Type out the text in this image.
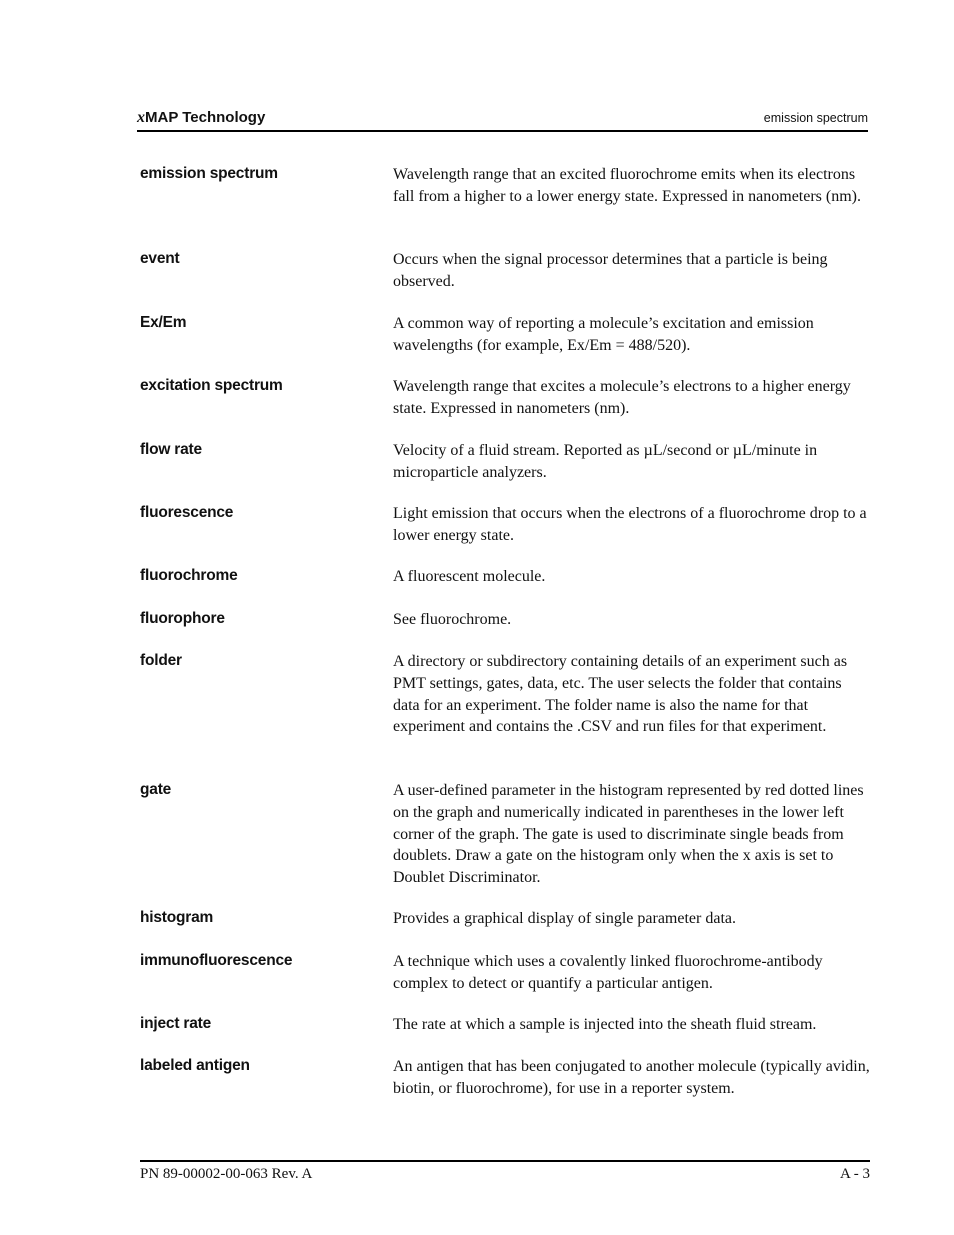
xMAP Technology	emission spectrum
emission spectrum	Wavelength range that an excited fluorochrome emits when its electrons fall from a higher to a lower energy state. Expressed in nanometers (nm).
event	Occurs when the signal processor determines that a particle is being observed.
Ex/Em	A common way of reporting a molecule’s excitation and emission wavelengths (for example, Ex/Em = 488/520).
excitation spectrum	Wavelength range that excites a molecule’s electrons to a higher energy state. Expressed in nanometers (nm).
flow rate	Velocity of a fluid stream. Reported as µL/second or µL/minute in microparticle analyzers.
fluorescence	Light emission that occurs when the electrons of a fluorochrome drop to a lower energy state.
fluorochrome	A fluorescent molecule.
fluorophore	See fluorochrome.
folder	A directory or subdirectory containing details of an experiment such as PMT settings, gates, data, etc. The user selects the folder that contains data for an experiment. The folder name is also the name for that experiment and contains the .CSV and run files for that experiment.
gate	A user-defined parameter in the histogram represented by red dotted lines on the graph and numerically indicated in parentheses in the lower left corner of the graph. The gate is used to discriminate single beads from doublets. Draw a gate on the histogram only when the x axis is set to Doublet Discriminator.
histogram	Provides a graphical display of single parameter data.
immunofluorescence	A technique which uses a covalently linked fluorochrome-antibody complex to detect or quantify a particular antigen.
inject rate	The rate at which a sample is injected into the sheath fluid stream.
labeled antigen	An antigen that has been conjugated to another molecule (typically avidin, biotin, or fluorochrome), for use in a reporter system.
PN 89-00002-00-063 Rev. A	A - 3
